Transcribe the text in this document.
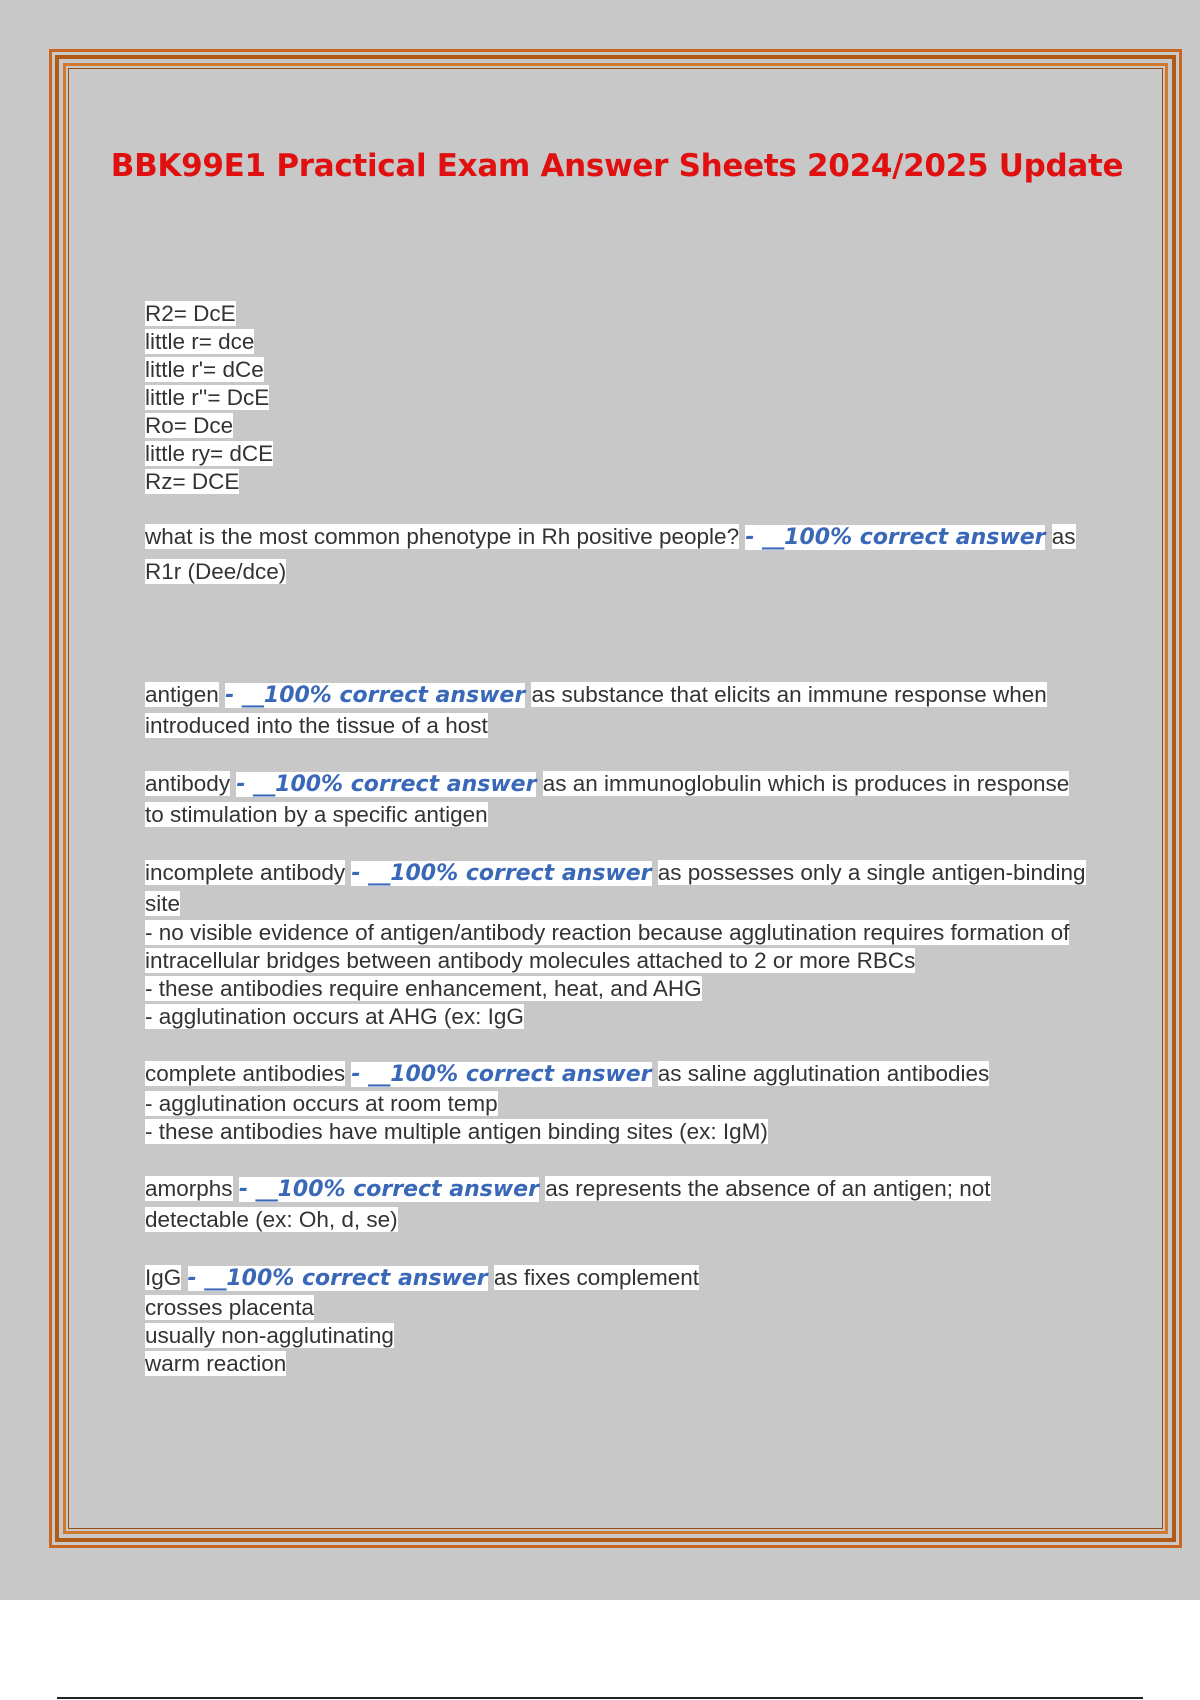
BBK99E1 Practical Exam Answer Sheets 2024/2025 Update
R2= DcE
little r= dce
little r'= dCe
little r''= DcE
Ro= Dce
little ry= dCE
Rz= DCE
what is the most common phenotype in Rh positive people? - __100% correct answer as R1r (Dee/dce)
antigen - __100% correct answer as substance that elicits an immune response when introduced into the tissue of a host
antibody - __100% correct answer as an immunoglobulin which is produces in response to stimulation by a specific antigen
incomplete antibody - __100% correct answer as possesses only a single antigen-binding site
- no visible evidence of antigen/antibody reaction because agglutination requires formation of intracellular bridges between antibody molecules attached to 2 or more RBCs
- these antibodies require enhancement, heat, and AHG
- agglutination occurs at AHG (ex: IgG
complete antibodies - __100% correct answer as saline agglutination antibodies
- agglutination occurs at room temp
- these antibodies have multiple antigen binding sites (ex: IgM)
amorphs - __100% correct answer as represents the absence of an antigen; not detectable (ex: Oh, d, se)
IgG - __100% correct answer as fixes complement
crosses placenta
usually non-agglutinating
warm reaction
